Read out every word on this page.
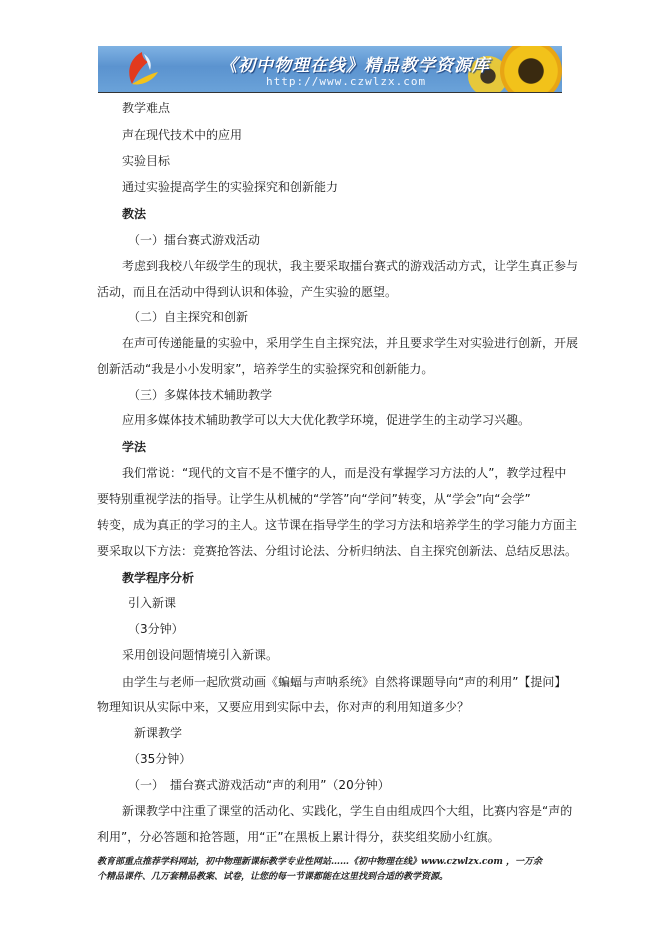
《初中物理在线》精品教学资源库
http://www.czwlzx.com
教学难点
声在现代技术中的应用
实验目标
通过实验提高学生的实验探究和创新能力
教法
（一）擂台赛式游戏活动
考虑到我校八年级学生的现状，我主要采取擂台赛式的游戏活动方式，让学生真正参与
活动，而且在活动中得到认识和体验，产生实验的愿望。
（二）自主探究和创新
在声可传递能量的实验中，采用学生自主探究法，并且要求学生对实验进行创新，开展
创新活动“我是小小发明家”，培养学生的实验探究和创新能力。
（三）多媒体技术辅助教学
应用多媒体技术辅助教学可以大大优化教学环境，促进学生的主动学习兴趣。
学法
我们常说：“现代的文盲不是不懂字的人，而是没有掌握学习方法的人”，教学过程中
要特别重视学法的指导。让学生从机械的“学答”向“学问”转变，从“学会”向“会学”
转变，成为真正的学习的主人。这节课在指导学生的学习方法和培养学生的学习能力方面主
要采取以下方法：竞赛抢答法、分组讨论法、分析归纳法、自主探究创新法、总结反思法。
教学程序分析
引入新课
（3分钟）
采用创设问题情境引入新课。
由学生与老师一起欣赏动画《蝙蝠与声呐系统》自然将课题导向“声的利用”【提问】
物理知识从实际中来，又要应用到实际中去，你对声的利用知道多少？
新课教学
（35分钟）
（一）　擂台赛式游戏活动“声的利用”（20分钟）
新课教学中注重了课堂的活动化、实践化，学生自由组成四个大组，比赛内容是“声的
利用”，分必答题和抢答题，用“正”在黑板上累计得分，获奖组奖励小红旗。
教育部重点推荐学科网站，初中物理新课标教学专业性网站……《初中物理在线》www.czwlzx.com ，一万余
个精品课件、几万套精品教案、试卷，让您的每一节课都能在这里找到合适的教学资源。
